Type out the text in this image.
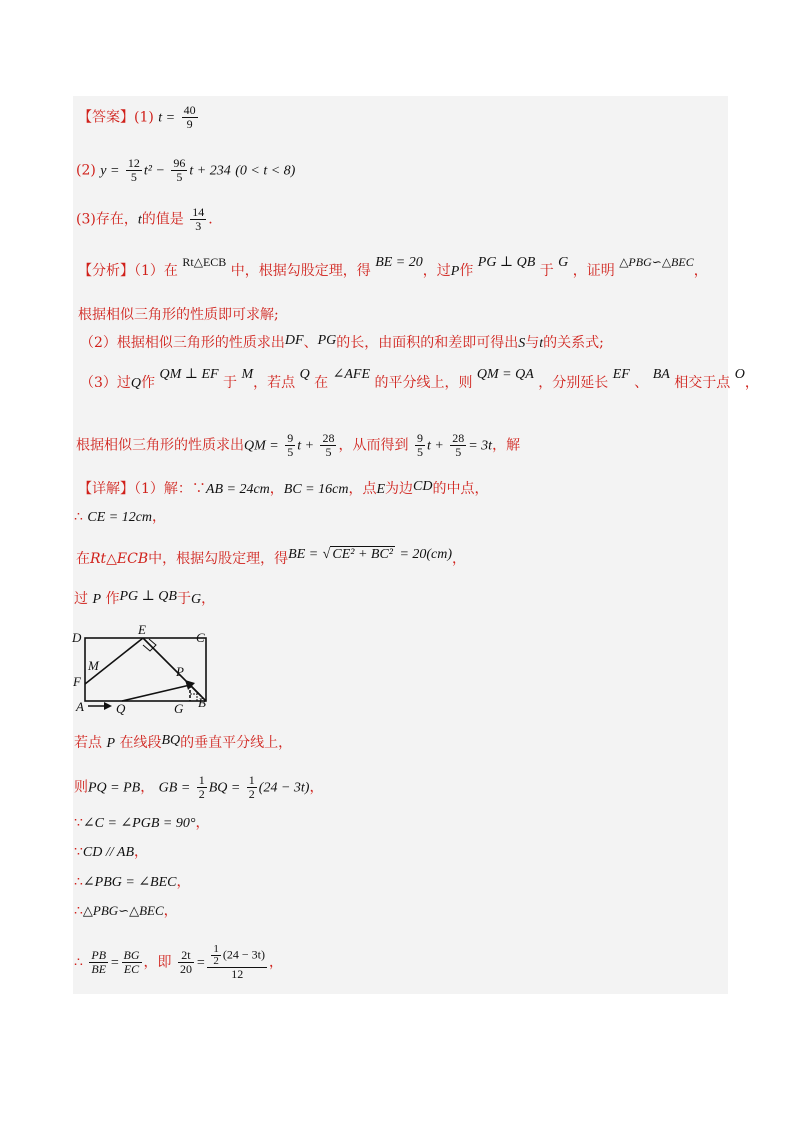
【答案】(1) $t = \frac{40}{9}$
(2) $y = \frac{12}{5} t^2 - \frac{96}{5}$ t + 234 (0 < t < 8)
(3)存在，t的值是 $\frac{14}{3}$ .
【分析】（1）在 Rt△ECB 中，根据勾股定理，得 BE = 20，过P作 PG ⊥ QB 于 G ，证明 △PBG∽△BEC，
根据相似三角形的性质即可求解;
（2）根据相似三角形的性质求出DF、PG的长，由面积的和差即可得出S与t的关系式;
（3）过Q作 QM ⊥ EF 于 M，若点 Q 在 ∠AFE 的平分线上，则 QM = QA ，分别延长 EF 、 BA 相交于点 O，
根据相似三角形的性质求出QM = $\frac{9}{5}$ $t + \frac{28}{5}$ ，从而得到 $\frac{9}{5}$ $t + \frac{28}{5} = 3t$，解
【详解】（1）解：∵AB = 24cm，BC = 16cm，点E为边CD的中点，
∴ CE = 12cm，
在Rt△ECB中，根据勾股定理，得BE = √ CE² + BC² = 20(cm)，
过 P 作PG ⊥ QB于G，
D
E
C
M	P
F
A Q	G B
若点 P 在线段BQ的垂直平分线上，
则PQ = PB， GB = $\frac{1}{2}$ BQ = $\frac{1}{2} (24 - 3t)$，
∵∠C = ∠PGB = 90°，
∵CD // AB，
∴∠PBG = ∠BEC，
∴△PBG∽△BEC，
∴ $\frac{PB}{BE} = \frac{BG}{EC}$ ，即 $\frac{2t}{20} = \frac{\frac{1}{2} (24 - 3t)}{12}$ ，
